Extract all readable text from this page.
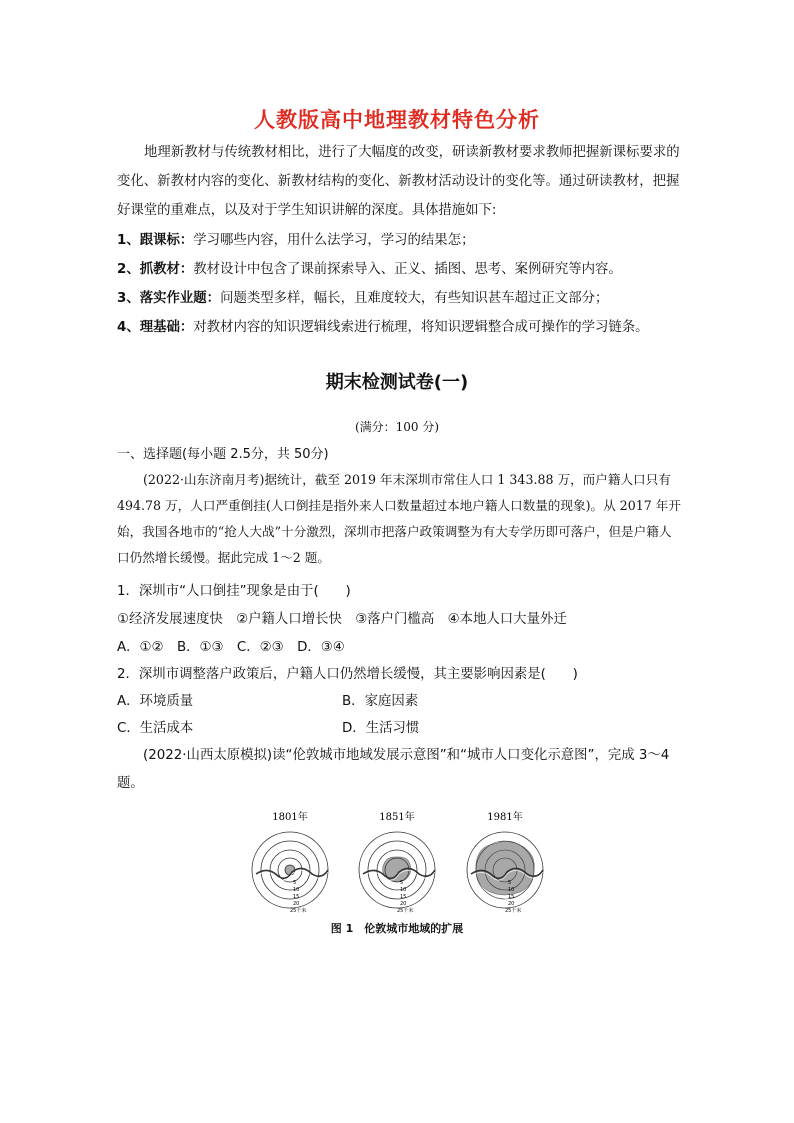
人教版高中地理教材特色分析
地理新教材与传统教材相比，进行了大幅度的改变，研读新教材要求教师把握新课标要求的变化、新教材内容的变化、新教材结构的变化、新教材活动设计的变化等。通过研读教材，把握好课堂的重难点，以及对于学生知识讲解的深度。具体措施如下:
1、跟课标：学习哪些内容，用什么法学习，学习的结果怎；
2、抓教材：教材设计中包含了课前探索导入、正义、插图、思考、案例研究等内容。
3、落实作业题：问题类型多样，幅长，且难度较大，有些知识甚车超过正文部分；
4、理基础：对教材内容的知识逻辑线索进行梳理，将知识逻辑整合成可操作的学习链条。
期末检测试卷(一)
(满分：100 分)
一、选择题(每小题 2.5分，共 50分)
(2022·山东济南月考)据统计，截至 2019 年末深圳市常住人口 1 343.88 万，而户籍人口只有 494.78 万，人口严重倒挂(人口倒挂是指外来人口数量超过本地户籍人口数量的现象)。从 2017 年开始，我国各地市的“抢人大战”十分激烈，深圳市把落户政策调整为有大专学历即可落户，但是户籍人口仍然增长缓慢。据此完成 1～2 题。
1．深圳市“人口倒挂”现象是由于(　　)
①经济发展速度快　②户籍人口增长快　③落户门槛高　④本地人口大量外迁
A．①②　B．①③　C．②③　D．③④
2．深圳市调整落户政策后，户籍人口仍然增长缓慢，其主要影响因素是(　　)
A．环境质量	B．家庭因素
C．生活成本	D．生活习惯
(2022·山西太原模拟)读“伦敦城市地域发展示意图”和“城市人口变化示意图”，完成 3～4 题。
1801年
5
10
15
20
25千米
1851年
5
10
15
20
25千米
1981年
5
10
15
20
25千米
图 1　伦敦城市地域的扩展
